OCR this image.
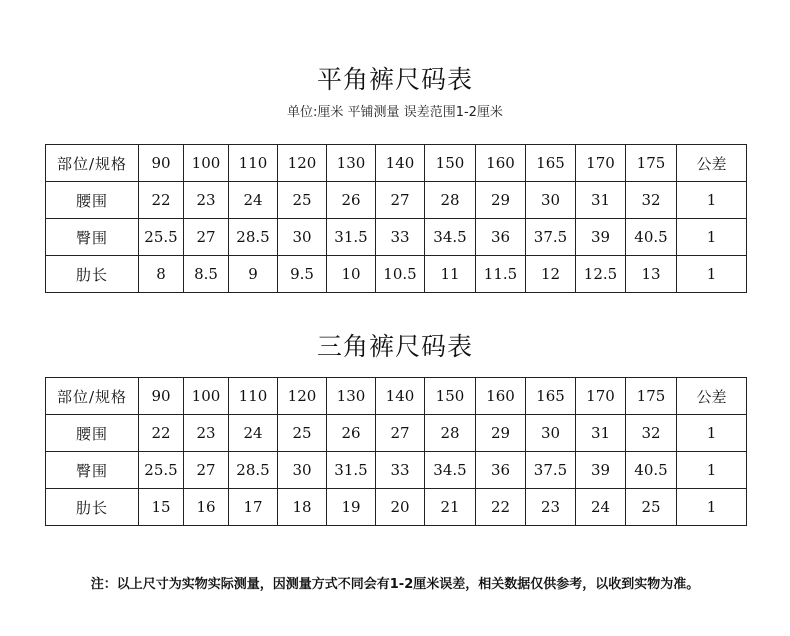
平角裤尺码表
单位:厘米 平铺测量 误差范围1-2厘米
部位/规格	90	100	110	120	130	140	150	160	165	170	175	公差
腰围	22	23	24	25	26	27	28	29	30	31	32	1
臀围	25.5	27	28.5	30	31.5	33	34.5	36	37.5	39	40.5	1
肋长	8	8.5	9	9.5	10	10.5	11	11.5	12	12.5	13	1
三角裤尺码表
部位/规格	90	100	110	120	130	140	150	160	165	170	175	公差
腰围	22	23	24	25	26	27	28	29	30	31	32	1
臀围	25.5	27	28.5	30	31.5	33	34.5	36	37.5	39	40.5	1
肋长	15	16	17	18	19	20	21	22	23	24	25	1
注：以上尺寸为实物实际测量，因测量方式不同会有1-2厘米误差，相关数据仅供参考，以收到实物为准。
